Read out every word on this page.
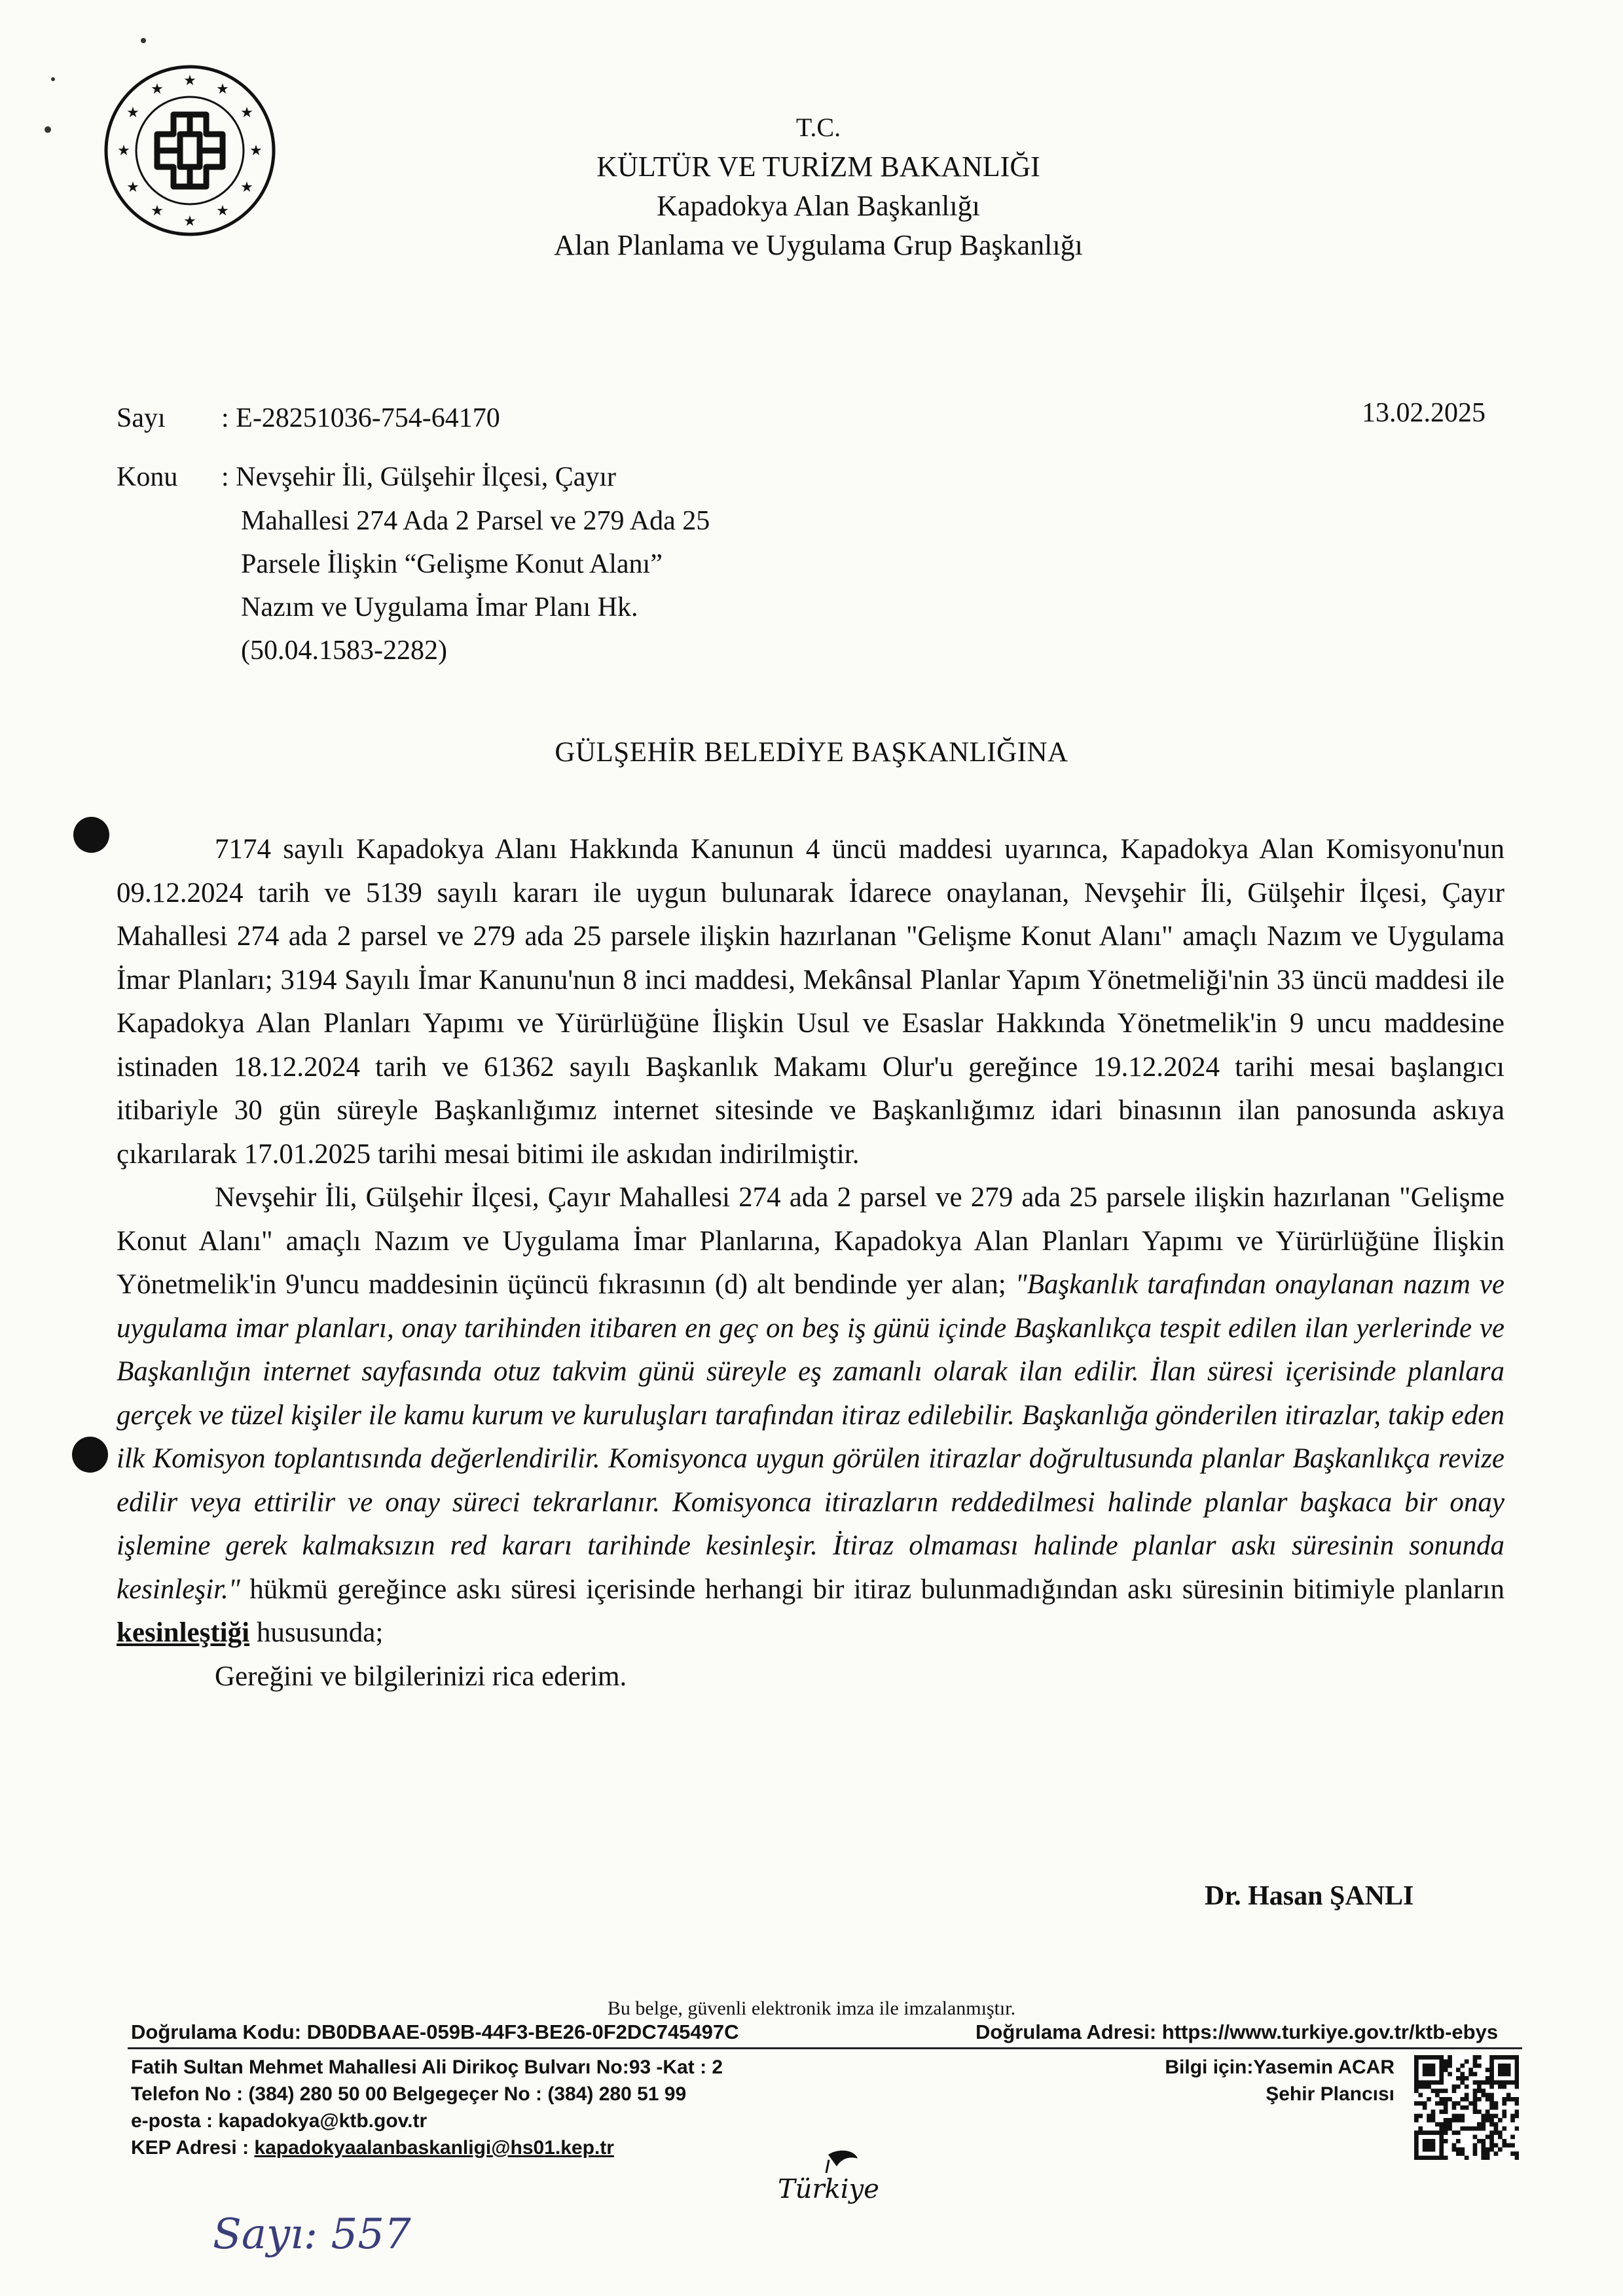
★
★
★
★
★
★
★
★
★
★
★
★
T.C.
KÜLTÜR VE TURİZM BAKANLIĞI
Kapadokya Alan Başkanlığı
Alan Planlama ve Uygulama Grup Başkanlığı
Sayı : E-28251036-754-64170	13.02.2025
Konu : Nevşehir İli, Gülşehir İlçesi, Çayır
Mahallesi 274 Ada 2 Parsel ve 279 Ada 25
Parsele İlişkin “Gelişme Konut Alanı”
Nazım ve Uygulama İmar Planı Hk.
(50.04.1583-2282)
GÜLŞEHİR BELEDİYE BAŞKANLIĞINA

7174 sayılı Kapadokya Alanı Hakkında Kanunun 4 üncü maddesi uyarınca, Kapadokya Alan Komisyonu'nun 09.12.2024 tarih ve 5139 sayılı kararı ile uygun bulunarak İdarece onaylanan, Nevşehir İli, Gülşehir İlçesi, Çayır Mahallesi 274 ada 2 parsel ve 279 ada 25 parsele ilişkin hazırlanan "Gelişme Konut Alanı" amaçlı Nazım ve Uygulama İmar Planları; 3194 Sayılı İmar Kanunu'nun 8 inci maddesi, Mekânsal Planlar Yapım Yönetmeliği'nin 33 üncü maddesi ile Kapadokya Alan Planları Yapımı ve Yürürlüğüne İlişkin Usul ve Esaslar Hakkında Yönetmelik'in 9 uncu maddesine istinaden 18.12.2024 tarih ve 61362 sayılı Başkanlık Makamı Olur'u gereğince 19.12.2024 tarihi mesai başlangıcı itibariyle 30 gün süreyle Başkanlığımız internet sitesinde ve Başkanlığımız idari binasının ilan panosunda askıya çıkarılarak 17.01.2025 tarihi mesai bitimi ile askıdan indirilmiştir.

Nevşehir İli, Gülşehir İlçesi, Çayır Mahallesi 274 ada 2 parsel ve 279 ada 25 parsele ilişkin hazırlanan "Gelişme Konut Alanı" amaçlı Nazım ve Uygulama İmar Planlarına, Kapadokya Alan Planları Yapımı ve Yürürlüğüne İlişkin Yönetmelik'in 9'uncu maddesinin üçüncü fıkrasının (d) alt bendinde yer alan; "Başkanlık tarafından onaylanan nazım ve uygulama imar planları, onay tarihinden itibaren en geç on beş iş günü içinde Başkanlıkça tespit edilen ilan yerlerinde ve Başkanlığın internet sayfasında otuz takvim günü süreyle eş zamanlı olarak ilan edilir. İlan süresi içerisinde planlara gerçek ve tüzel kişiler ile kamu kurum ve kuruluşları tarafından itiraz edilebilir. Başkanlığa gönderilen itirazlar, takip eden ilk Komisyon toplantısında değerlendirilir. Komisyonca uygun görülen itirazlar doğrultusunda planlar Başkanlıkça revize edilir veya ettirilir ve onay süreci tekrarlanır. Komisyonca itirazların reddedilmesi halinde planlar başkaca bir onay işlemine gerek kalmaksızın red kararı tarihinde kesinleşir. İtiraz olmaması halinde planlar askı süresinin sonunda kesinleşir." hükmü gereğince askı süresi içerisinde herhangi bir itiraz bulunmadığından askı süresinin bitimiyle planların kesinleştiği hususunda;

Gereğini ve bilgilerinizi rica ederim.

Dr. Hasan ŞANLI
Bu belge, güvenli elektronik imza ile imzalanmıştır.
Doğrulama Kodu: DB0DBAAE-059B-44F3-BE26-0F2DC745497C	Doğrulama Adresi: https://www.turkiye.gov.tr/ktb-ebys
Fatih Sultan Mehmet Mahallesi Ali Dirikoç Bulvarı No:93 -Kat : 2
Telefon No : (384) 280 50 00 Belgegeçer No : (384) 280 51 99
e-posta : kapadokya@ktb.gov.tr
KEP Adresi : kapadokyaalanbaskanligi@hs01.kep.tr
Bilgi için:Yasemin ACAR
Şehir Plancısı
Türkiye
Sayı: 557
